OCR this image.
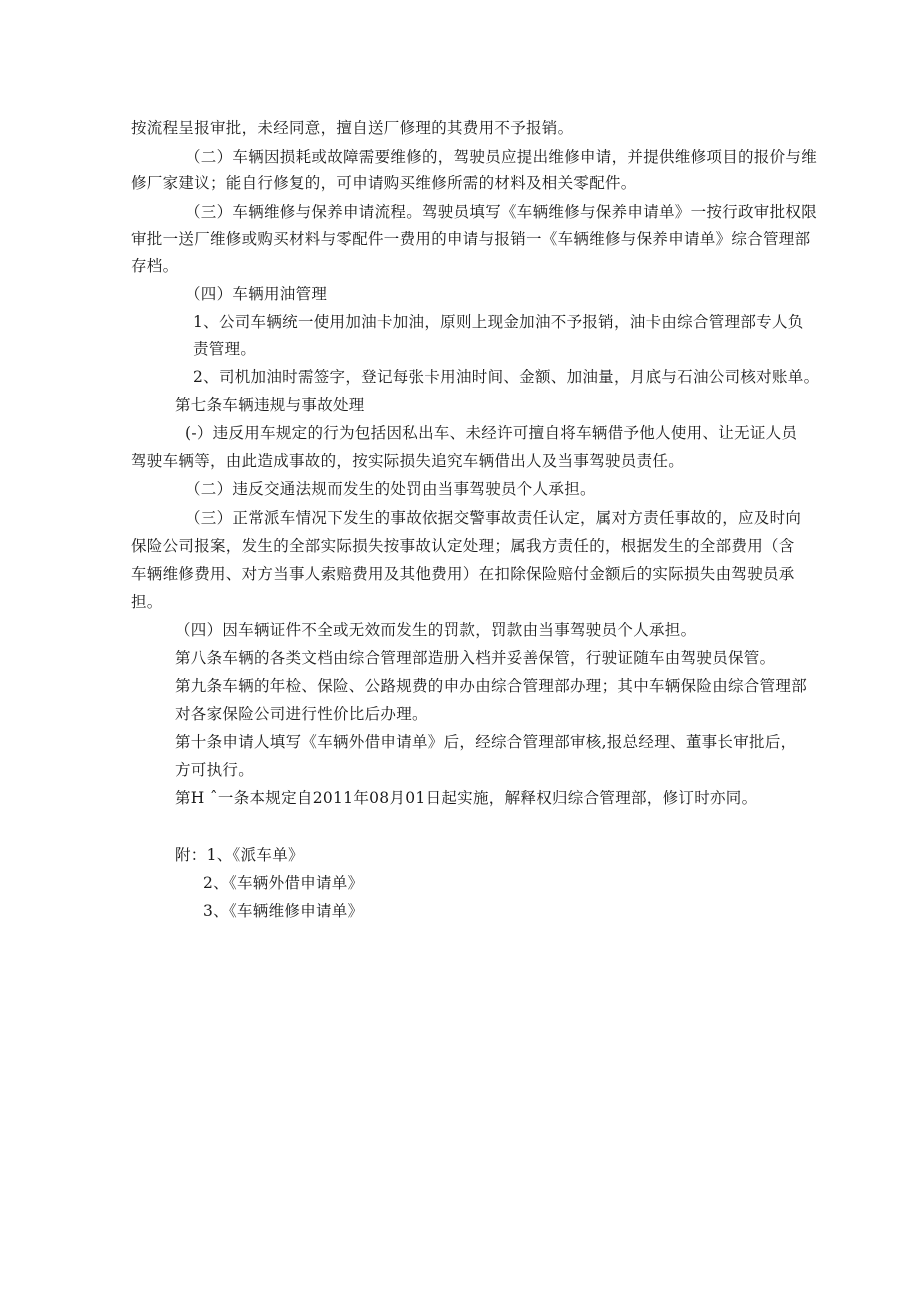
按流程呈报审批，未经同意，擅自送厂修理的其费用不予报销。
（二）车辆因损耗或故障需要维修的，驾驶员应提出维修申请，并提供维修项目的报价与维
修厂家建议；能自行修复的，可申请购买维修所需的材料及相关零配件。
（三）车辆维修与保养申请流程。驾驶员填写《车辆维修与保养申请单》一按行政审批权限
审批一送厂维修或购买材料与零配件一费用的申请与报销一《车辆维修与保养申请单》综合管理部
存档。
（四）车辆用油管理
1、公司车辆统一使用加油卡加油，原则上现金加油不予报销，油卡由综合管理部专人负
责管理。
2、司机加油时需签字，登记每张卡用油时间、金额、加油量，月底与石油公司核对账单。
第七条车辆违规与事故处理
(-）违反用车规定的行为包括因私出车、未经许可擅自将车辆借予他人使用、让无证人员
驾驶车辆等，由此造成事故的，按实际损失追究车辆借出人及当事驾驶员责任。
（二）违反交通法规而发生的处罚由当事驾驶员个人承担。
（三）正常派车情况下发生的事故依据交警事故责任认定，属对方责任事故的，应及时向
保险公司报案，发生的全部实际损失按事故认定处理；属我方责任的，根据发生的全部费用（含
车辆维修费用、对方当事人索赔费用及其他费用）在扣除保险赔付金额后的实际损失由驾驶员承
担。
（四）因车辆证件不全或无效而发生的罚款，罚款由当事驾驶员个人承担。
第八条车辆的各类文档由综合管理部造册入档并妥善保管，行驶证随车由驾驶员保管。
第九条车辆的年检、保险、公路规费的申办由综合管理部办理；其中车辆保险由综合管理部
对各家保险公司进行性价比后办理。
第十条申请人填写《车辆外借申请单》后，经综合管理部审核,报总经理、董事长审批后，
方可执行。
第H ˆ一条本规定自2011年08月01日起实施，解释权归综合管理部，修订时亦同。
附：1、《派车单》
2、《车辆外借申请单》
3、《车辆维修申请单》
